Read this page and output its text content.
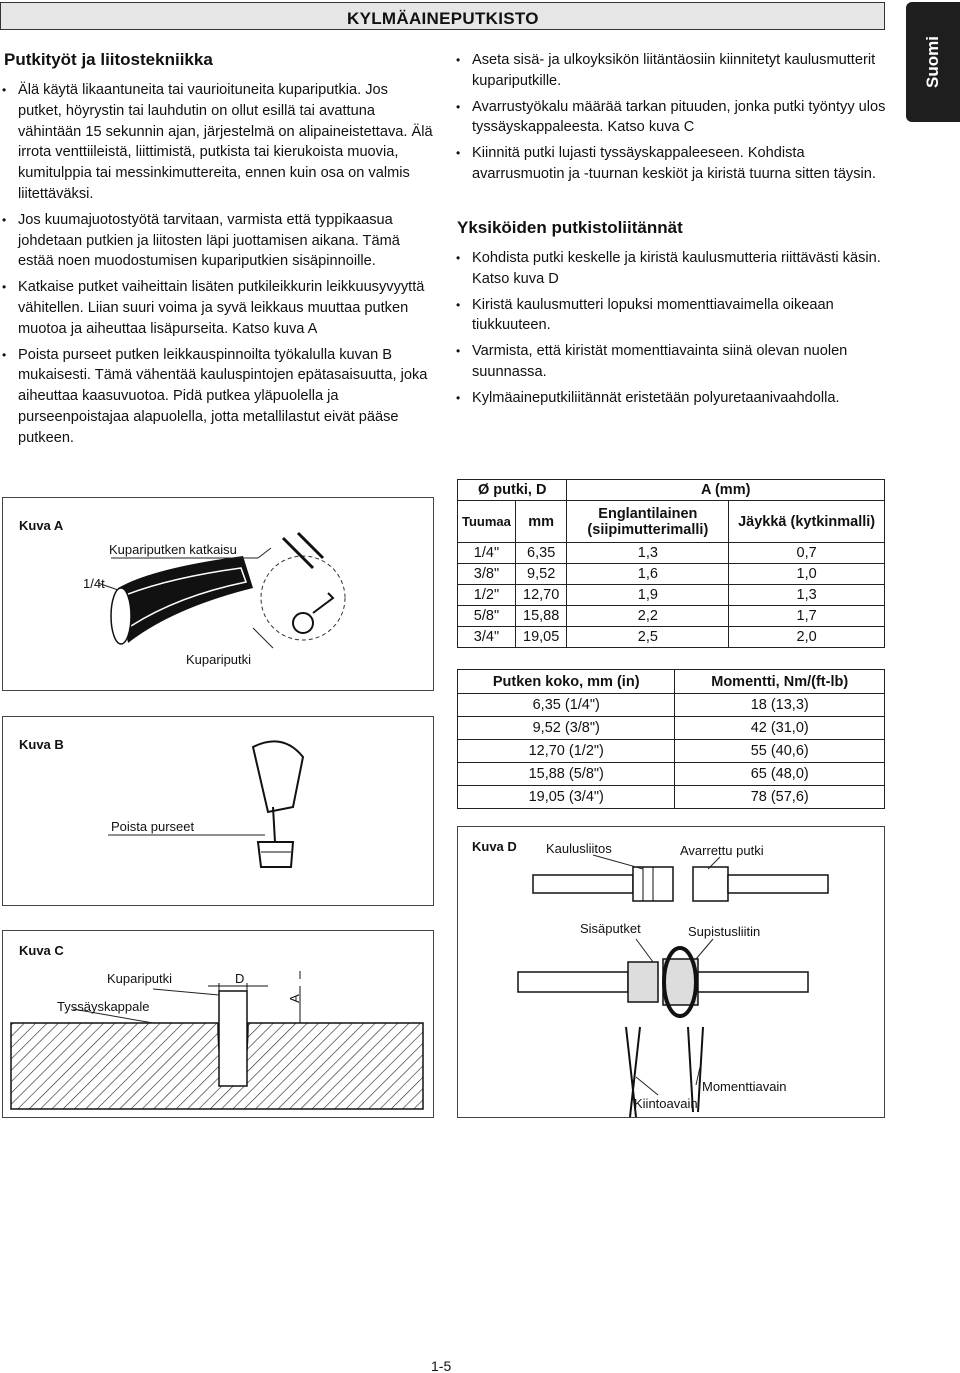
KYLMÄAINEPUTKISTO
Suomi
Putkityöt ja liitostekniikka
• Älä käytä likaantuneita tai vaurioituneita kupariputkia. Jos putket, höyrystin tai lauhdutin on ollut esillä tai avattuna vähintään 15 sekunnin ajan, järjestelmä on alipaineistettava. Älä irrota venttiileistä, liittimistä, putkista tai kierukoista muovia, kumitulppia tai messinkimuttereita, ennen kuin osa on valmis liitettäväksi.
• Jos kuumajuotostyötä tarvitaan, varmista että typpikaasua johdetaan putkien ja liitosten läpi juottamisen aikana. Tämä estää noen muodostumisen kupariputkien sisäpinnoille.
• Katkaise putket vaiheittain lisäten putkileikkurin leikkuusyvyyttä vähitellen. Liian suuri voima ja syvä leikkaus muuttaa putken muotoa ja aiheuttaa lisäpurseita. Katso kuva A
• Poista purseet putken leikkauspinnoilta työkalulla kuvan B mukaisesti. Tämä vähentää kauluspintojen epätasaisuutta, joka aiheuttaa kaasuvuotoa. Pidä putkea yläpuolella ja purseenpoistajaa alapuolella, jotta metallilastut eivät pääse putkeen.
• Aseta sisä- ja ulkoyksikön liitäntäosiin kiinnitetyt kaulusmutterit kupariputkille.
• Avarrustyökalu määrää tarkan pituuden, jonka putki työntyy ulos tyssäyskappaleesta. Katso kuva C
• Kiinnitä putki lujasti tyssäyskappaleeseen. Kohdista avarrusmuotin ja -tuurnan keskiöt ja kiristä tuurna sitten täysin.
Yksiköiden putkistoliitännät
• Kohdista putki keskelle ja kiristä kaulusmutteria riittävästi käsin. Katso kuva D
• Kiristä kaulusmutteri lopuksi momenttiavaimella oikeaan tiukkuuteen.
• Varmista, että kiristät momenttiavainta siinä olevan nuolen suunnassa.
• Kylmäaineputkiliitännät eristetään polyuretaanivaahdolla.
Kuva A
Kupariputken katkaisu
1/4t
Kupariputki
Kuva B
Poista purseet
Kuva C
Kupariputki
Tyssäyskappale
D
A
Ø putki, D		A (mm)	
Tuumaa	mm	Englantilainen (siipimutterimalli)	Jäykkä (kytkinmalli)
1/4"	6,35	1,3	0,7
3/8"	9,52	1,6	1,0
1/2"	12,70	1,9	1,3
5/8"	15,88	2,2	1,7
3/4"	19,05	2,5	2,0
Putken koko, mm (in)	Momentti, Nm/(ft-lb)
6,35 (1/4")	18 (13,3)
9,52 (3/8")	42 (31,0)
12,70 (1/2")	55 (40,6)
15,88 (5/8")	65 (48,0)
19,05 (3/4")	78 (57,6)
Kuva D Kaulusliitos	Avarrettu putki
Sisäputket	Supistusliitin
Kiintoavain
Momenttiavain
1-5
